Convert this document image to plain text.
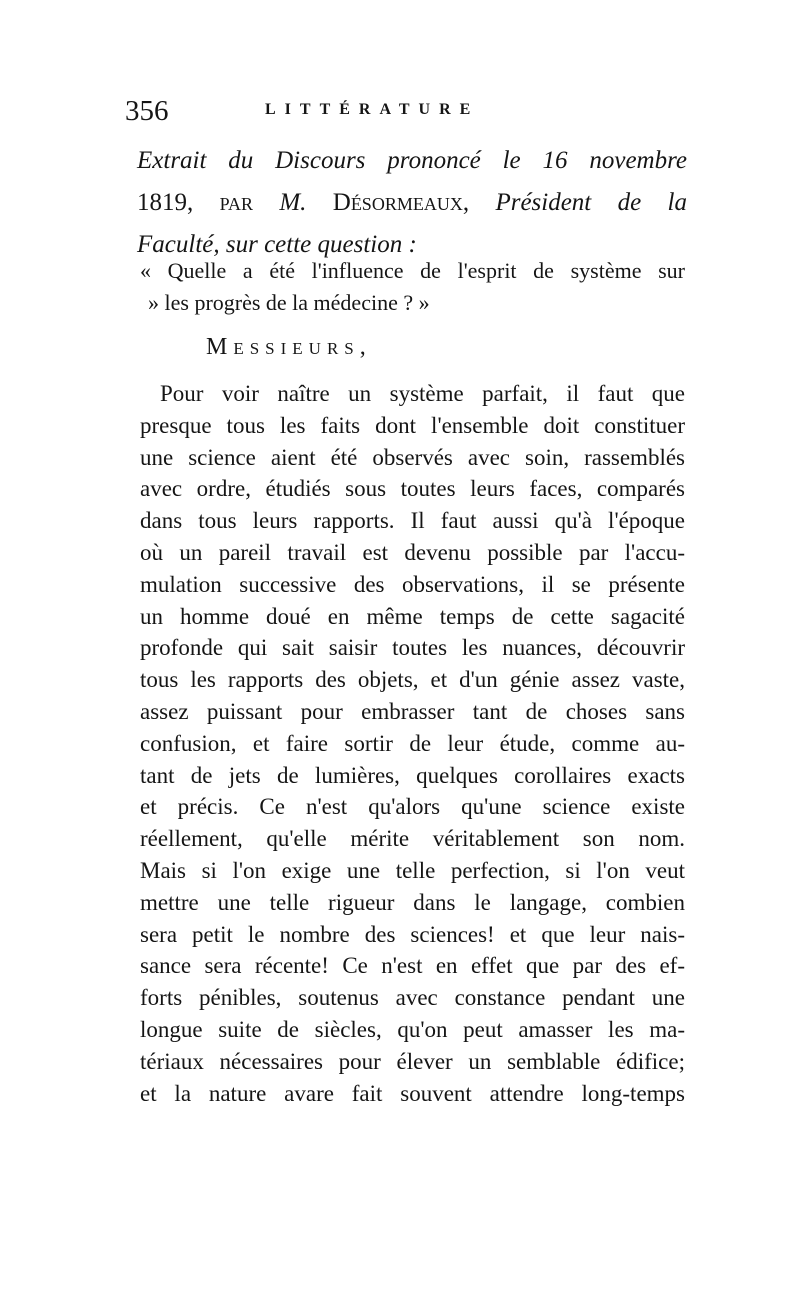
356	LITTÉRATURE

Extrait du Discours prononcé le 16 novembre

1819, par M. Désormeaux, Président de la

Faculté, sur cette question :

« Quelle a été l'influence de l'esprit de système sur

» les progrès de la médecine ? »

Messieurs,
Pour voir naître un système parfait, il faut que
presque tous les faits dont l'ensemble doit constituer
une science aient été observés avec soin, rassemblés
avec ordre, étudiés sous toutes leurs faces, comparés
dans tous leurs rapports. Il faut aussi qu'à l'époque
où un pareil travail est devenu possible par l'accu-
mulation successive des observations, il se présente
un homme doué en même temps de cette sagacité
profonde qui sait saisir toutes les nuances, découvrir
tous les rapports des objets, et d'un génie assez vaste,
assez puissant pour embrasser tant de choses sans
confusion, et faire sortir de leur étude, comme au-
tant de jets de lumières, quelques corollaires exacts
et précis. Ce n'est qu'alors qu'une science existe
réellement, qu'elle mérite véritablement son nom.
Mais si l'on exige une telle perfection, si l'on veut
mettre une telle rigueur dans le langage, combien
sera petit le nombre des sciences! et que leur nais-
sance sera récente! Ce n'est en effet que par des ef-
forts pénibles, soutenus avec constance pendant une
longue suite de siècles, qu'on peut amasser les ma-
tériaux nécessaires pour élever un semblable édifice;
et la nature avare fait souvent attendre long-temps
